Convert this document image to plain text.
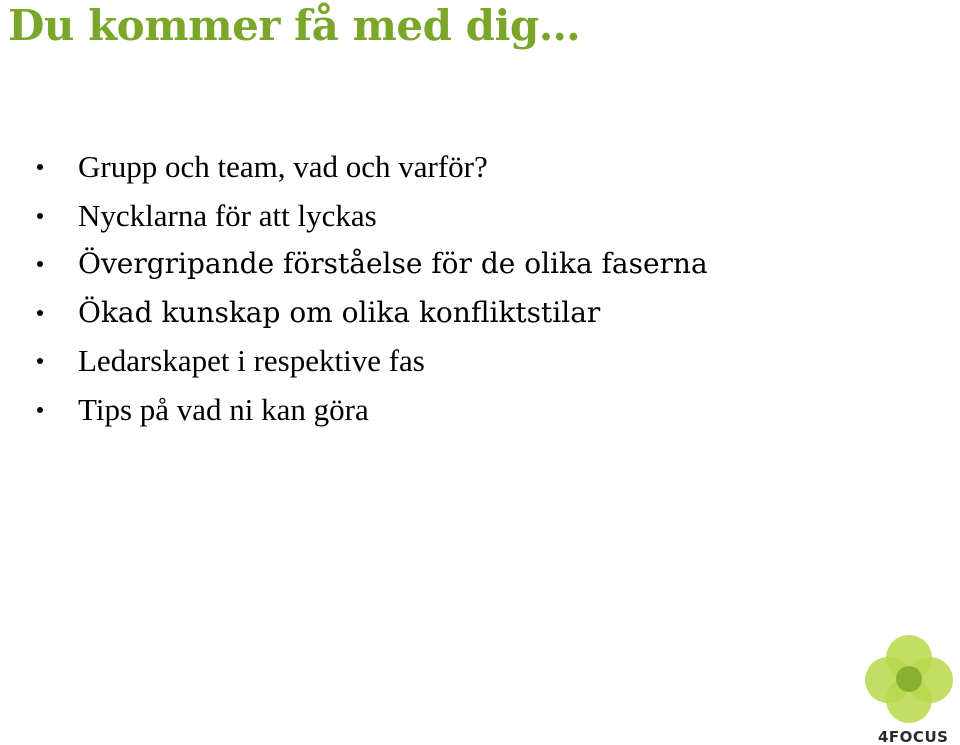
Du kommer få med dig…
Grupp och team, vad och varför?
Nycklarna för att lyckas
Övergripande förståelse för de olika faserna
Ökad kunskap om olika konfliktstilar
Ledarskapet i respektive fas
Tips på vad ni kan göra
4FOCUS
